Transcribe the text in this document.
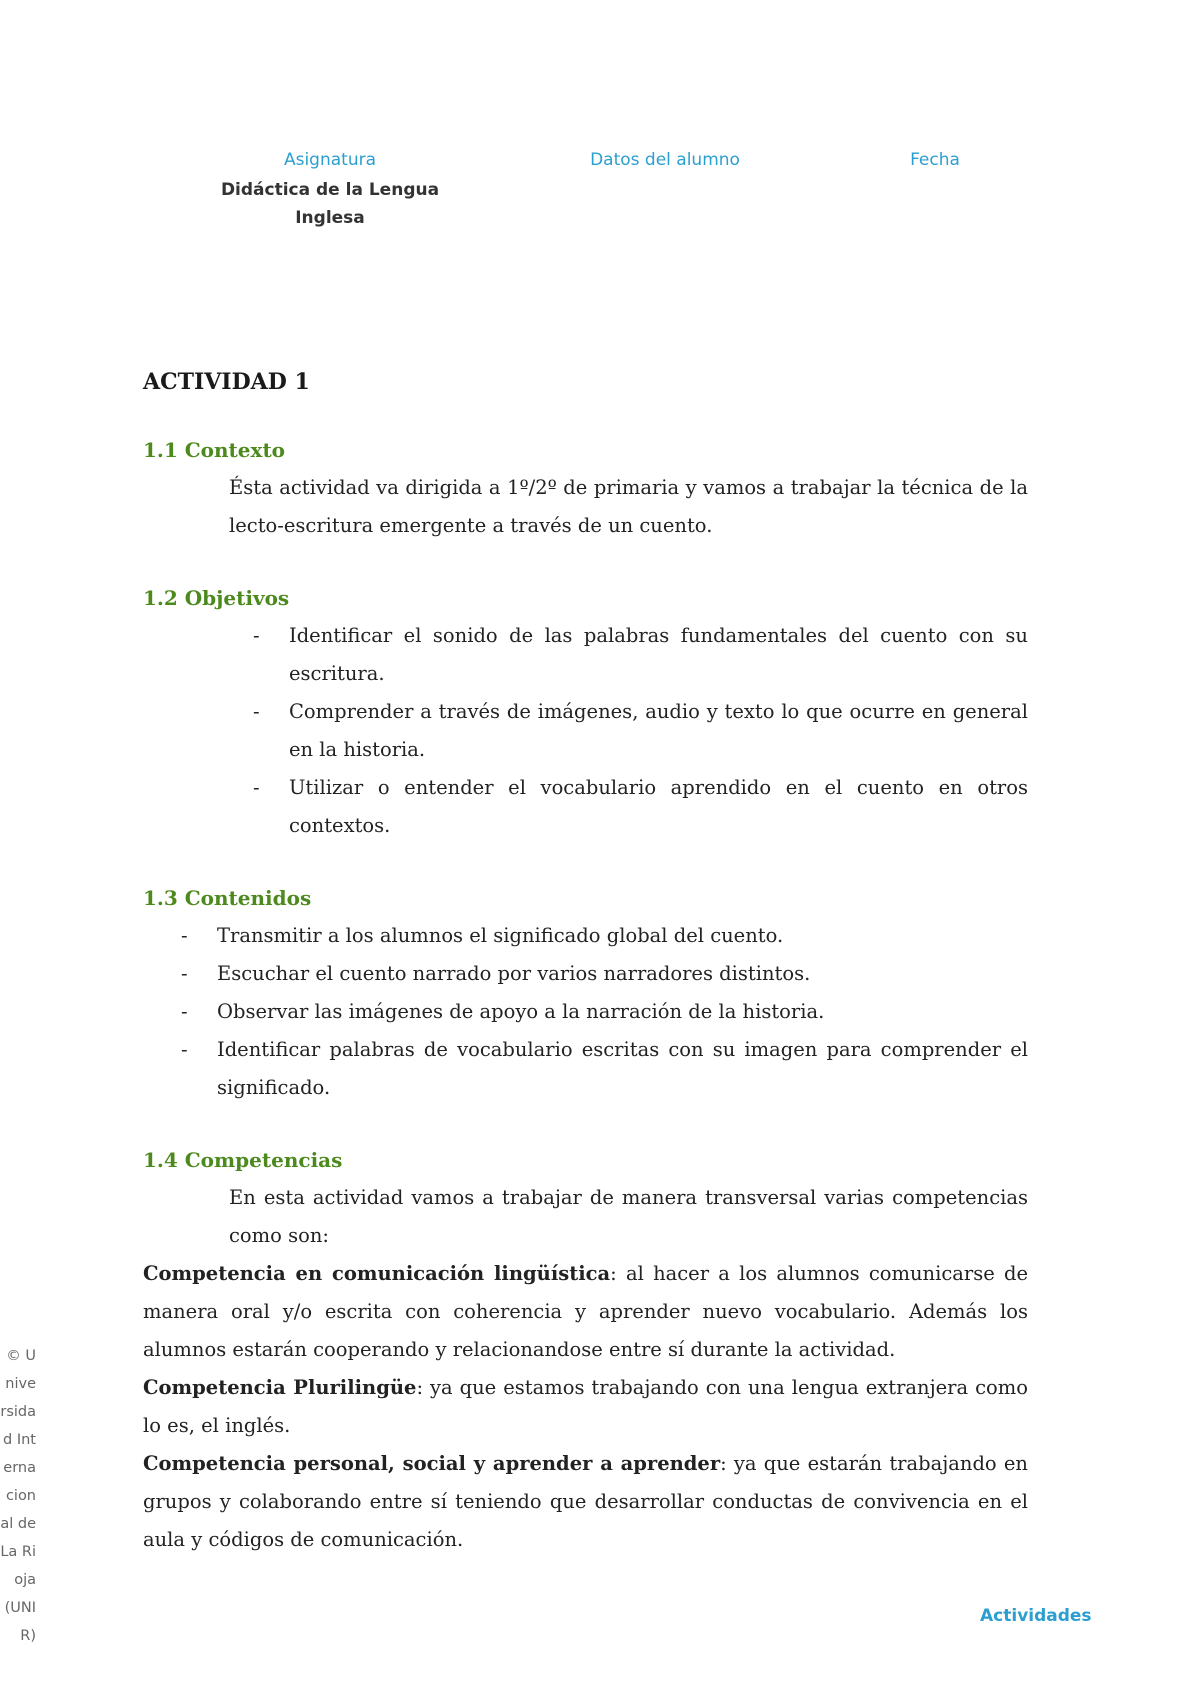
Asignatura
Didáctica de la Lengua
Inglesa
Datos del alumno	Fecha
ACTIVIDAD 1
1.1 Contexto

Ésta actividad va dirigida a 1º/2º de primaria y vamos a trabajar la técnica de la lecto-escritura emergente a través de un cuento.

1.2 Objetivos
- Identificar el sonido de las palabras fundamentales del cuento con su escritura.
- Comprender a través de imágenes, audio y texto lo que ocurre en general en la historia.
- Utilizar o entender el vocabulario aprendido en el cuento en otros contextos.
1.3 Contenidos
- Transmitir a los alumnos el significado global del cuento.
- Escuchar el cuento narrado por varios narradores distintos.
- Observar las imágenes de apoyo a la narración de la historia.
- Identificar palabras de vocabulario escritas con su imagen para comprender el significado.
1.4 Competencias

En esta actividad vamos a trabajar de manera transversal varias competencias como son:

Competencia en comunicación lingüística: al hacer a los alumnos comunicarse de manera oral y/o escrita con coherencia y aprender nuevo vocabulario. Además los alumnos estarán cooperando y relacionandose entre sí durante la actividad.

Competencia Plurilingüe: ya que estamos trabajando con una lengua extranjera como lo es, el inglés.

Competencia personal, social y aprender a aprender: ya que estarán trabajando en grupos y colaborando entre sí teniendo que desarrollar conductas de convivencia en el aula y códigos de comunicación.

© Universidad Internacional de La Rioja (UNIR)
Actividades
